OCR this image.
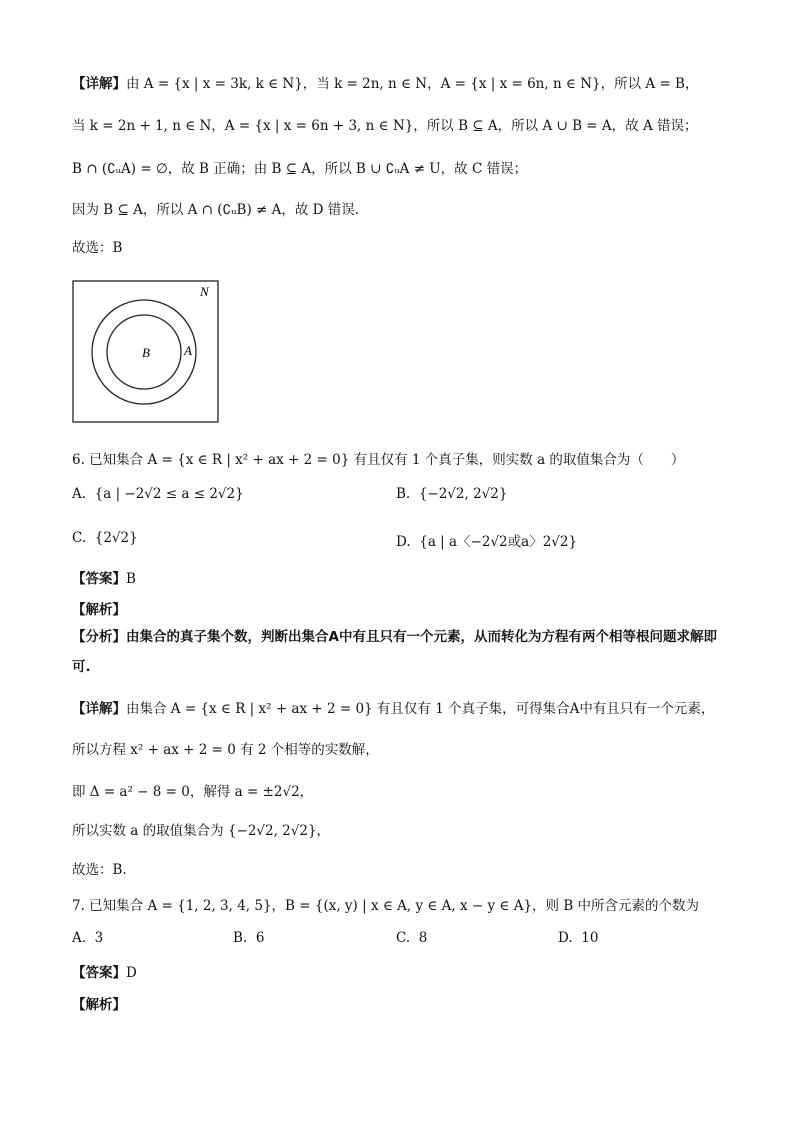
【详解】由 A = {x | x = 3k, k ∈ N}，当 k = 2n, n ∈ N，A = {x | x = 6n, n ∈ N}，所以 A = B，
当 k = 2n + 1, n ∈ N，A = {x | x = 6n + 3, n ∈ N}，所以 B ⊆ A，所以 A ∪ B = A，故 A 错误；
B ∩ (∁ᵤA) = ∅，故 B 正确；由 B ⊆ A，所以 B ∪ ∁ᵤA ≠ U，故 C 错误；
因为 B ⊆ A，所以 A ∩ (∁ᵤB) ≠ A，故 D 错误.
故选：B
N
A
B
6. 已知集合 A = {x ∈ R | x² + ax + 2 = 0} 有且仅有 1 个真子集，则实数 a 的取值集合为（　　）
A. {a | −2√2 ≤ a ≤ 2√2}	B. {−2√2, 2√2}
C. {2√2}	D. {a | a〈−2√2或a〉2√2}
【答案】B
【解析】
【分析】由集合的真子集个数，判断出集合A中有且只有一个元素，从而转化为方程有两个相等根问题求解即可.
【详解】由集合 A = {x ∈ R | x² + ax + 2 = 0} 有且仅有 1 个真子集，可得集合A中有且只有一个元素，
所以方程 x² + ax + 2 = 0 有 2 个相等的实数解，
即 Δ = a² − 8 = 0，解得 a = ±2√2，
所以实数 a 的取值集合为 {−2√2, 2√2}，
故选：B.
7. 已知集合 A = {1, 2, 3, 4, 5}，B = {(x, y) | x ∈ A, y ∈ A, x − y ∈ A}，则 B 中所含元素的个数为
A. 3	B. 6	C. 8	D. 10
【答案】D
【解析】
